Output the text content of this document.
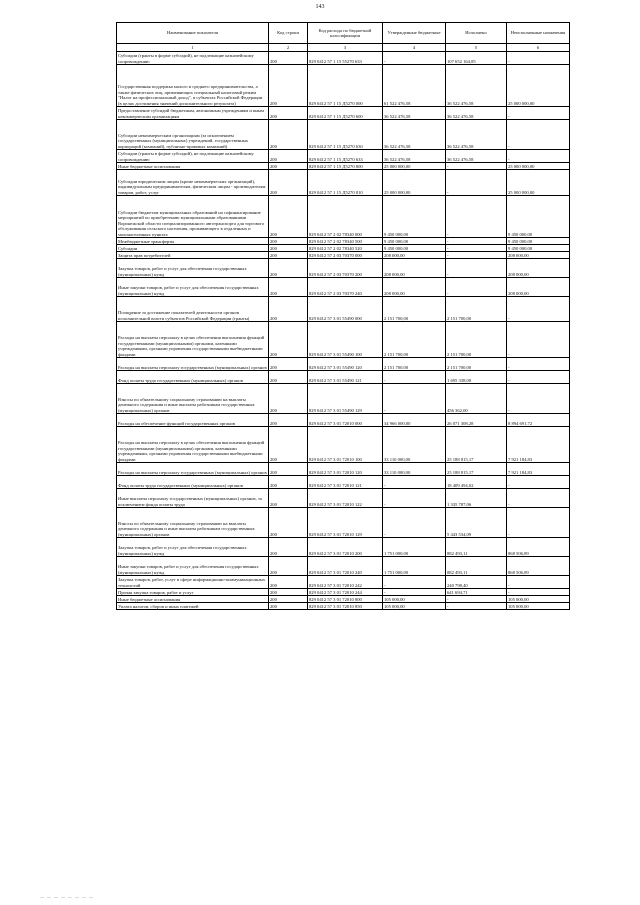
143
Наименование показателя	Код строки	Код расхода по бюджетной классификации	Утвержденные бюджетные	Исполнено	Неисполненные назначения
1	2	3	4	5	6
Субсидии (гранты в форме субсидий), не подлежащие казначейскому сопровождению	200	829 0412 57 1 15 55270 633	-	107 652 164,85	-
Государственная поддержка малого и среднего предпринимательства, а также физических лиц, применяющих специальный налоговый режим "Налог на профессиональный доход", в субъектах Российской Федерации (в целях достижения значений дополнительного результата)	200	829 0412 57 1 15 Д5270 000	61 522 476,58	36 522 476,58	25 000 000,00
Предоставление субсидий бюджетным, автономным учреждениям и иным некоммерческим организациям	200	829 0412 57 1 15 Д5270 600	36 522 476,58	36 522 476,58	-
Субсидии некоммерческим организациям (за исключением государственных (муниципальных) учреждений, государственных корпораций (компаний), публично-правовых компаний)	200	829 0412 57 1 15 Д5270 630	36 522 476,58	36 522 476,58	-
Субсидии (гранты в форме субсидий), не подлежащие казначейскому сопровождению	200	829 0412 57 1 15 Д5270 633	36 522 476,58	36 522 476,58	-
Иные бюджетные ассигнования	200	829 0412 57 1 15 Д5270 800	25 000 000,00	-	25 000 000,00
Субсидии юридическим лицам (кроме некоммерческих организаций), индивидуальным предпринимателям, физическим лицам - производителям товаров, работ, услуг	200	829 0412 57 1 15 Д5270 810	25 000 000,00	-	25 000 000,00
Субсидии бюджетам муниципальных образований на софинансирование мероприятий по приобретению муниципальными образованиями Воронежской области специализированного автотранспорта для торгового обслуживания сельского населения, проживающего в отдаленных и малонаселенных пунктах	200	829 0412 57 2 02 78340 000	9 450 000,00	-	9 450 000,00
Межбюджетные трансферты	200	829 0412 57 2 02 78340 500	9 450 000,00	-	9 450 000,00
Субсидии	200	829 0412 57 2 02 78340 520	9 450 000,00	-	9 450 000,00
Защита прав потребителей	200	829 0412 57 2 03 70370 000	208 000,00	-	208 000,00
Закупка товаров, работ и услуг для обеспечения государственных (муниципальных) нужд	200	829 0412 57 2 03 70370 200	208 000,00	-	208 000,00
Иные закупки товаров, работ и услуг для обеспечения государственных (муниципальных) нужд	200	829 0412 57 2 03 70370 240	208 000,00	-	208 000,00
Поощрение за достижение показателей деятельности органов исполнительной власти субъектов Российской Федерации (гранты)	200	829 0412 57 3 01 55490 000	2 151 700,00	2 151 700,00	-
Расходы на выплаты персоналу в целях обеспечения выполнения функций государственными (муниципальными) органами, казенными учреждениями, органами управления государственными внебюджетными фондами	200	829 0412 57 3 01 55490 100	2 151 700,00	2 151 700,00	-
Расходы на выплаты персоналу государственных (муниципальных) органов	200	829 0412 57 3 01 55490 120	2 151 700,00	2 151 700,00	-
Фонд оплаты труда государственных (муниципальных) органов	200	829 0412 57 3 01 55490 121	-	1 695 338,00	-
Взносы по обязательному социальному страхованию на выплаты денежного содержания и иные выплаты работникам государственных (муниципальных) органов	200	829 0412 57 3 01 55490 129	-	456 362,00	-
Расходы на обеспечение функций государственных органов	200	829 0412 57 3 01 72010 000	34 966 000,00	26 071 308,28	8 894 691,72
Расходы на выплаты персоналу в целях обеспечения выполнения функций государственными (муниципальными) органами, казенными учреждениями, органами управления государственными внебюджетными фондами	200	829 0412 57 3 01 72010 100	33 110 000,00	25 188 815,17	7 921 184,83
Расходы на выплаты персоналу государственных (муниципальных) органов	200	829 0412 57 3 01 72010 120	33 110 000,00	25 188 815,17	7 921 184,83
Фонд оплаты труда государственных (муниципальных) органов	200	829 0412 57 3 01 72010 121	-	18 409 494,02	-
Иные выплаты персоналу государственных (муниципальных) органов, за исключением фонда оплаты труда	200	829 0412 57 3 01 72010 122	-	1 335 787,06	-
Взносы по обязательному социальному страхованию на выплаты денежного содержания и иные выплаты работникам государственных (муниципальных) органов	200	829 0412 57 3 01 72010 129	-	5 443 534,09	-
Закупка товаров, работ и услуг для обеспечения государственных (муниципальных) нужд	200	829 0412 57 3 01 72010 200	1 751 000,00	882 493,11	868 506,89
Иные закупки товаров, работ и услуг для обеспечения государственных (муниципальных) нужд	200	829 0412 57 3 01 72010 240	1 751 000,00	882 493,11	868 506,89
Закупка товаров, работ, услуг в сфере информационно-коммуникационных технологий	200	829 0412 57 3 01 72010 242	-	240 798,40	-
Прочая закупка товаров, работ и услуг	200	829 0412 57 3 01 72010 244	-	641 694,71	-
Иные бюджетные ассигнования	200	829 0412 57 3 01 72010 800	105 000,00	-	105 000,00
Уплата налогов, сборов и иных платежей	200	829 0412 57 3 01 72010 850	105 000,00	-	105 000,00
— — — — — — — —
